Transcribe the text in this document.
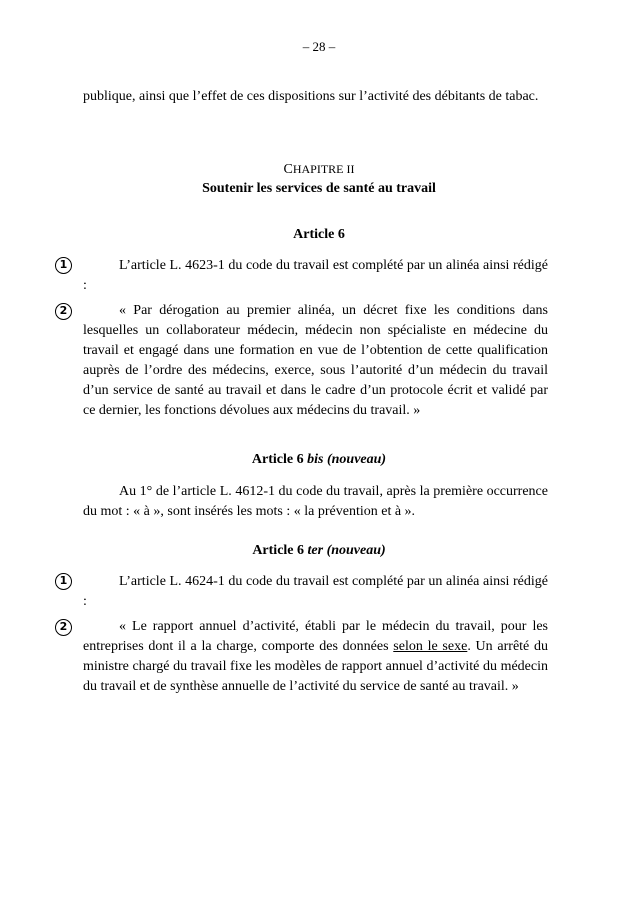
– 28 –
publique, ainsi que l’effet de ces dispositions sur l’activité des débitants de tabac.
CHAPITRE II
Soutenir les services de santé au travail
Article 6
1	L’article L. 4623-1 du code du travail est complété par un alinéa ainsi rédigé :
2	« Par dérogation au premier alinéa, un décret fixe les conditions dans lesquelles un collaborateur médecin, médecin non spécialiste en médecine du travail et engagé dans une formation en vue de l’obtention de cette qualification auprès de l’ordre des médecins, exerce, sous l’autorité d’un médecin du travail d’un service de santé au travail et dans le cadre d’un protocole écrit et validé par ce dernier, les fonctions dévolues aux médecins du travail. »
Article 6 bis (nouveau)
Au 1° de l’article L. 4612-1 du code du travail, après la première occurrence du mot : « à », sont insérés les mots : « la prévention et à ».
Article 6 ter (nouveau)
1	L’article L. 4624-1 du code du travail est complété par un alinéa ainsi rédigé :
2	« Le rapport annuel d’activité, établi par le médecin du travail, pour les entreprises dont il a la charge, comporte des données selon le sexe. Un arrêté du ministre chargé du travail fixe les modèles de rapport annuel d’activité du médecin du travail et de synthèse annuelle de l’activité du service de santé au travail. »
